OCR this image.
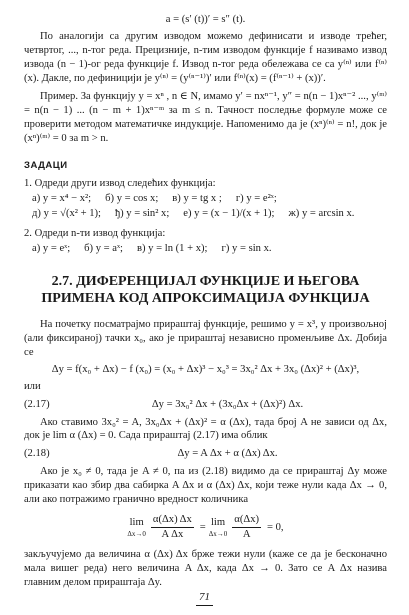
a = (s′ (t))′ = s″ (t).

По аналогији са другим изводом можемо дефинисати и изводе трећег, четвртог, ..., n-тог реда. Прецизније, n-тим изводом функције f називамо извод извода (n − 1)-ог реда функције f. Извод n-тог реда обележава се са y⁽ⁿ⁾ или f⁽ⁿ⁾ (x). Дакле, по дефиницији је y⁽ⁿ⁾ = (y⁽ⁿ⁻¹⁾)′ или f⁽ⁿ⁾(x) = (f⁽ⁿ⁻¹⁾ + (x))′.

Пример. За функцију y = xⁿ , n ∈ N, имамо y′ = nxⁿ⁻¹, y″ = n(n − 1)xⁿ⁻² ..., y⁽ᵐ⁾ = n(n − 1) ... (n − m + 1)xⁿ⁻ᵐ за m ≤ n. Тачност последње формуле може се проверити методом математичке индукције. Напоменимо да је (xⁿ)⁽ⁿ⁾ = n!, док је (xⁿ)⁽ᵐ⁾ = 0 за m > n.

ЗАДАЦИ
1. Одреди други извод следећих функција:
а) y = x⁴ − x²; б) y = cos x; в) y = tg x ; г) y = e²ˣ;
д) y = √(x² + 1); ђ) y = sin² x; е) y = (x − 1)/(x + 1); ж) y = arcsin x.
2. Одреди n-ти извод функција:
а) y = eˣ; б) y = aˣ; в) y = ln (1 + x); г) y = sin x.
2.7. ДИФЕРЕНЦИЈАЛ ФУНКЦИЈЕ И ЊЕГОВА ПРИМЕНА КОД АПРОКСИМАЦИЈА ФУНКЦИЈА

На почетку посматрајмо прираштај функције, решимо y = x³, у произвољној (али фиксираној) тачки x₀, ако је прираштај независно променљиве Δx. Добија се

Δy = f(x₀ + Δx) − f (x₀) = (x₀ + Δx)³ − x₀³ = 3x₀² Δx + 3x₀ (Δx)² + (Δx)³,
или
(2.17)	Δy = 3x₀² Δx + (3x₀Δx + (Δx)²) Δx.

Ако ставимо 3x₀² = A, 3x₀Δx + (Δx)² = α (Δx), тада број A не зависи од Δx, док је lim α (Δx) = 0. Сада прираштај (2.17) има облик

(2.18)	Δy = A Δx + α (Δx) Δx.

Ако је x₀ ≠ 0, тада је A ≠ 0, па из (2.18) видимо да се прираштај Δy може приказати као збир два сабирка A Δx и α (Δx) Δx, који теже нули када Δx → 0, али ако потражимо гранично вредност количника

lim
$\Delta x\to 0 \frac{\alpha(\Delta x) \Delta x}{\text{A Δx}} = \lim$
$\Delta x\to 0 \frac{\alpha(\Delta x)}{A} = 0$,

закључујемо да величина α (Δx) Δx брже тежи нули (каже се да је бесконачно мала вишег реда) него величина A Δx, када Δx → 0. Зато се A Δx назива главним делом прираштаја Δy.

71
